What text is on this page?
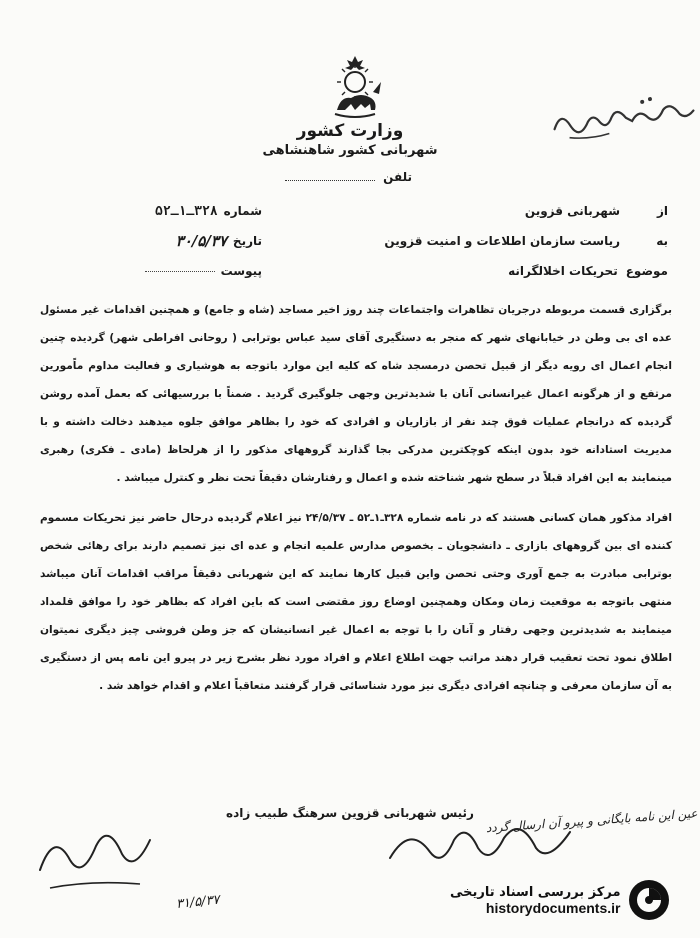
وزارت کشور
شهربانی کشور شاهنشاهی
تلفن
شماره
۳۲۸ـ۱ـ۵۲
تاریخ
۳۰/۵/۳۷
پیوست
از
شهربانی قزوین
به
ریاست سازمان اطلاعات و امنیت قزوین
موضوع
تحریکات اخلالگرانه

برگزاری قسمت مربوطه درجریان تظاهرات واجتماعات چند روز اخیر مساجد (شاه و جامع) و همچنین اقدامات غیر مسئول عده ای بی وطن در خیابانهای شهر که منجر به دستگیری آقای سید عباس بوترابی ( روحانی افراطی شهر) گردیده چنین انجام اعمال ای رویه دیگر از قبیل تحصن درمسجد شاه که کلیه این موارد باتوجه به هوشیاری و فعالیت مداوم ماًمورین مرتفع و از هرگونه اعمال غیرانسانی آنان با شدیدترین وجهی جلوگیری گردید . ضمناً با بررسیهائی که بعمل آمده روشن گردیده که درانجام عملیات فوق چند نفر از بازاریان و افرادی که خود را بظاهر موافق جلوه میدهند دخالت داشته و با مدیریت استادانه خود بدون اینکه کوچکترین مدرکی بجا گذارند گروههای مذکور را از هرلحاظ (مادی ـ فکری) رهبری مینمایند به این افراد قبلاً در سطح شهر شناخته شده و اعمال و رفتارشان دقیقاً تحت نظر و کنترل میباشد .

افراد مذکور همان کسانی هستند که در نامه شماره ۳۲۸ـ۱ـ۵۲ ـ ۲۴/۵/۳۷ نیز اعلام گردیده درحال حاضر نیز تحریکات مسموم کننده ای بین گروههای بازاری ـ دانشجویان ـ بخصوص مدارس علمیه انجام و عده ای نیز تصمیم دارند برای رهائی شخص بوترابی مبادرت به جمع آوری وحتی تحصن واین قبیل کارها نمایند که این شهربانی دقیقاً مراقب اقدامات آنان میباشد منتهی باتوجه به موقعیت زمان ومکان وهمچنین اوضاع روز مقتضی است که باین افراد که بظاهر خود را موافق قلمداد مینمایند به شدیدترین وجهی رفتار و آنان را با توجه به اعمال غیر انسانیشان که جز وطن فروشی چیز دیگری نمیتوان اطلاق نمود تحت تعقیب قرار دهند مراتب جهت اطلاع اعلام و افراد مورد نظر بشرح زیر در پیرو این نامه پس از دستگیری به آن سازمان معرفی و چنانچه افرادی دیگری نیز مورد شناسائی قرار گرفتند متعاقباً اعلام و اقدام خواهد شد .

رئیس شهربانی قزوین سرهنگ طبیب زاده عین این نامه بایگانی و پیرو آن ارسال گردد
۳۱/۵/۳۷
مرکز بررسی اسناد تاریخی
historydocuments.ir
